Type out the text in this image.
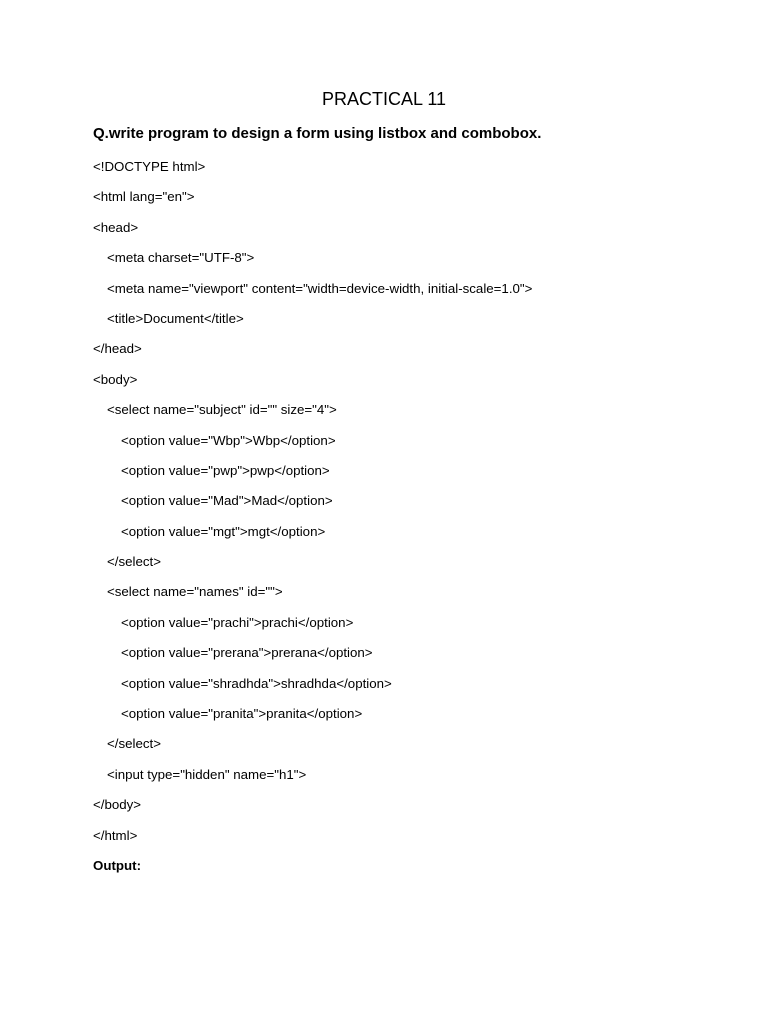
PRACTICAL 11

Q.write program to design a form using listbox and combobox.

<!DOCTYPE html>
<html lang="en">
<head>
<meta charset="UTF-8">
<meta name="viewport" content="width=device-width, initial-scale=1.0">
<title>Document</title>
</head>
<body>
<select name="subject" id="" size="4">
<option value="Wbp">Wbp</option>
<option value="pwp">pwp</option>
<option value="Mad">Mad</option>
<option value="mgt">mgt</option>
</select>
<select name="names" id="">
<option value="prachi">prachi</option>
<option value="prerana">prerana</option>
<option value="shradhda">shradhda</option>
<option value="pranita">pranita</option>
</select>
<input type="hidden" name="h1">
</body>
</html>

Output:
